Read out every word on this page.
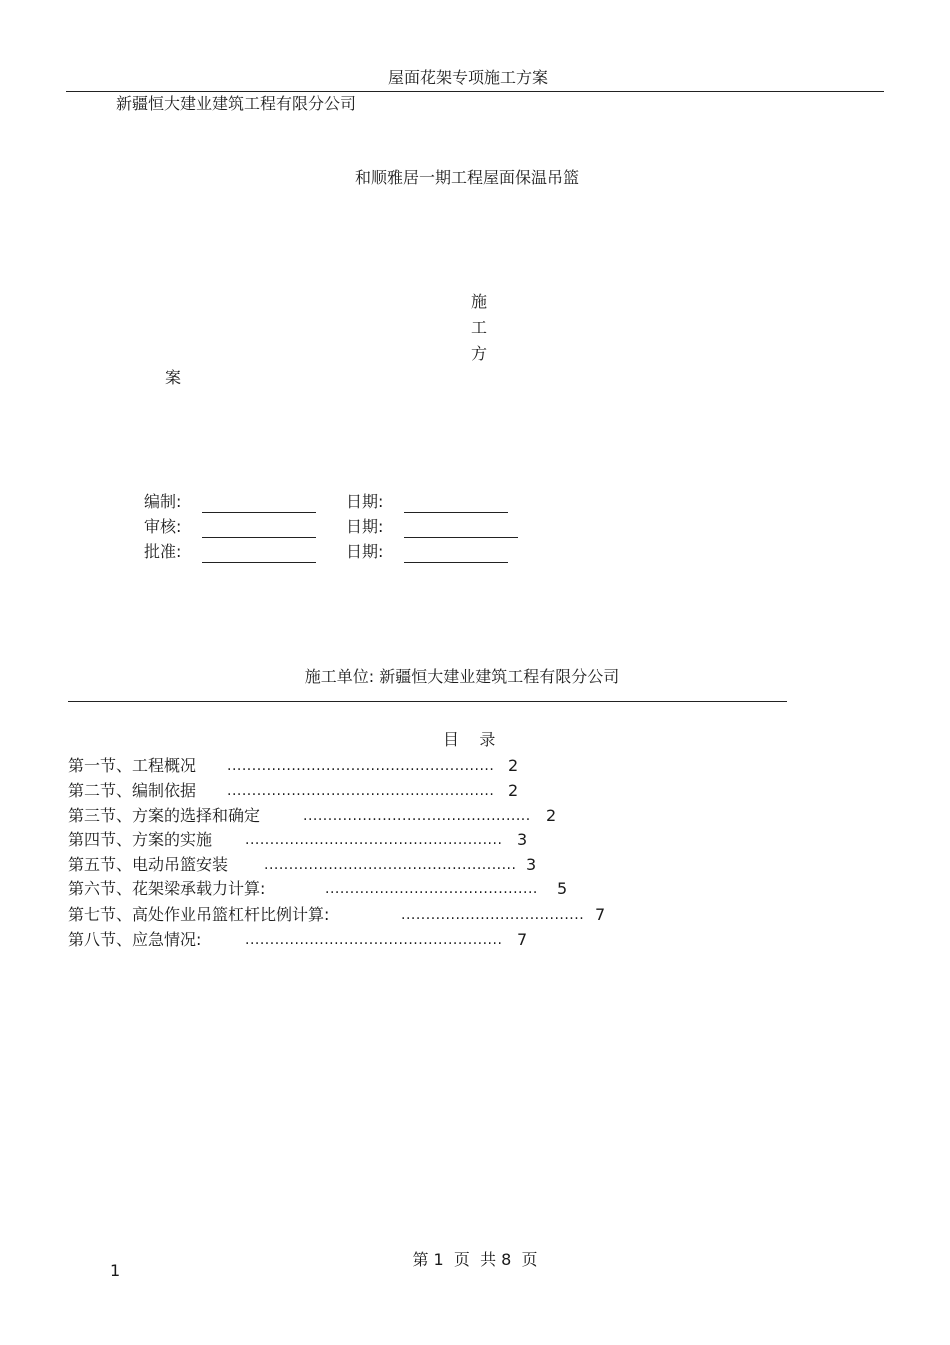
屋面花架专项施工方案
新疆恒大建业建筑工程有限分公司
和顺雅居一期工程屋面保温吊篮
施
工
方
案
编制:	日期:
审核:	日期:
批准:	日期:
施工单位: 新疆恒大建业建筑工程有限分公司
目    录
第一节、工程概况 ...................................................... 2
第二节、编制依据 ...................................................... 2
第三节、方案的选择和确定	.............................................. 2
第四节、方案的实施 .................................................... 3
第五节、电动吊篮安装	................................................... 3
第六节、花架梁承载力计算:	........................................... 5
第七节、高处作业吊篮杠杆比例计算:	..................................... 7
第八节、应急情况:	.................................................... 7
第 1  页  共 8  页
1
